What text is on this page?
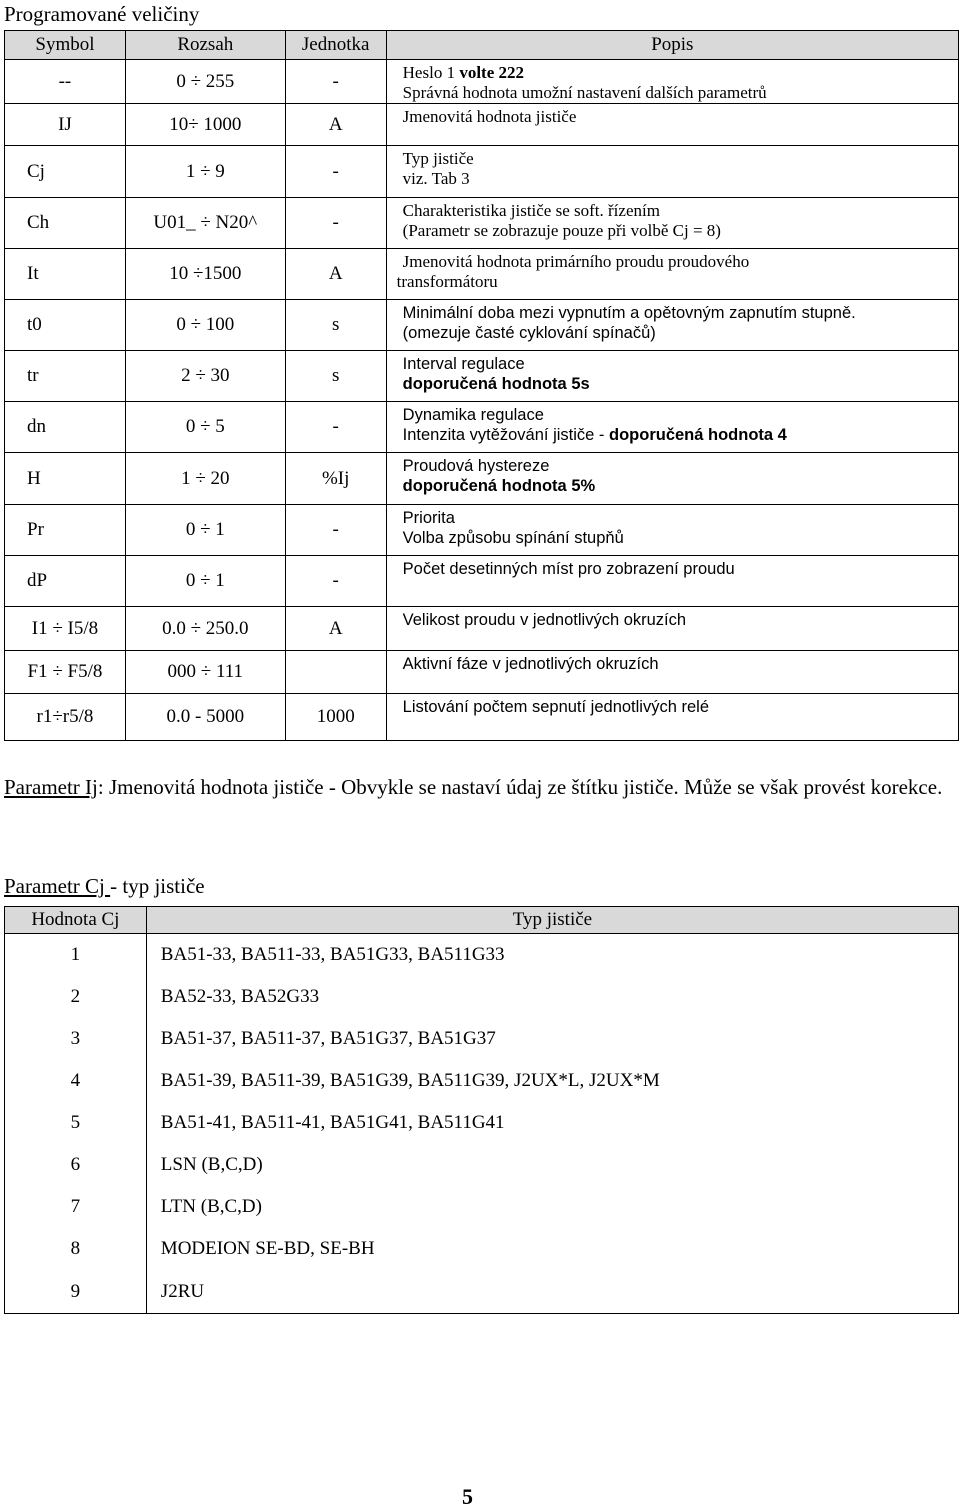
Programované veličiny
Symbol	Rozsah	Jednotka	Popis
--	0 ÷ 255	-	Heslo 1 volte 222
Správná hodnota umožní nastavení dalších parametrů
IJ	10÷ 1000	A	Jmenovitá hodnota jističe
Cj	1 ÷ 9	-	Typ jističe
viz. Tab 3
Ch	U01_ ÷ N20^	-	Charakteristika jističe se soft. řízením
(Parametr se zobrazuje pouze při volbě Cj = 8)
It	10 ÷1500	A	Jmenovitá hodnota primárního proudu proudového
transformátoru
t0	0 ÷ 100	s	Minimální doba mezi vypnutím a opětovným zapnutím stupně.
(omezuje časté cyklování spínačů)
tr	2 ÷ 30	s	Interval regulace
doporučená hodnota 5s
dn	0 ÷ 5	-	Dynamika regulace
Intenzita vytěžování jističe - doporučená hodnota 4
H	1 ÷ 20	%Ij	Proudová hystereze
doporučená hodnota 5%
Pr	0 ÷ 1	-	Priorita
Volba způsobu spínání stupňů
dP	0 ÷ 1	-	Počet desetinných míst pro zobrazení proudu
I1 ÷ I5/8	0.0 ÷ 250.0	A	Velikost proudu v jednotlivých okruzích
F1 ÷ F5/8	000 ÷ 111		Aktivní fáze v jednotlivých okruzích
r1÷r5/8	0.0 - 5000	1000	Listování počtem sepnutí jednotlivých relé
Parametr Ij: Jmenovitá hodnota jističe - Obvykle se nastaví údaj ze štítku jističe. Může se však provést korekce.
Parametr Cj - typ jističe
Hodnota Cj	Typ jističe
1	BA51-33, BA511-33, BA51G33, BA511G33
2	BA52-33, BA52G33
3	BA51-37, BA511-37, BA51G37, BA51G37
4	BA51-39, BA511-39, BA51G39, BA511G39, J2UX*L, J2UX*M
5	BA51-41, BA511-41, BA51G41, BA511G41
6	LSN (B,C,D)
7	LTN (B,C,D)
8	MODEION SE-BD, SE-BH
9	J2RU
5
